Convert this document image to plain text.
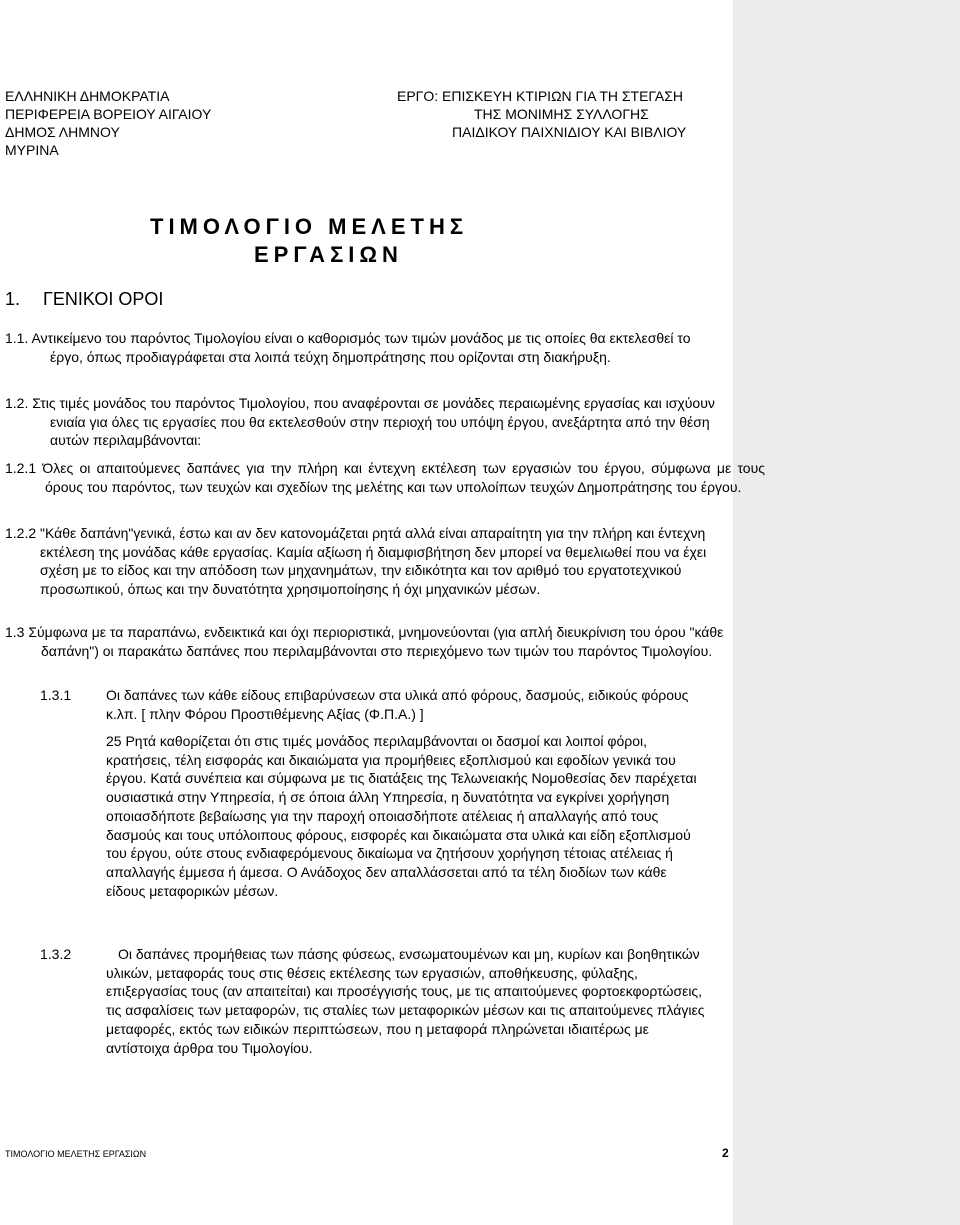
ΕΛΛΗΝΙΚΗ ΔΗΜΟΚΡΑΤΙΑ
ΠΕΡΙΦΕΡΕΙΑ ΒΟΡΕΙΟΥ ΑΙΓΑΙΟΥ
ΔΗΜΟΣ ΛΗΜΝΟΥ
ΜΥΡΙΝΑ
ΕΡΓΟ: ΕΠΙΣΚΕΥΗ ΚΤΙΡΙΩΝ ΓΙΑ ΤΗ ΣΤΕΓΑΣΗ
ΤΗΣ ΜΟΝΙΜΗΣ ΣΥΛΛΟΓΗΣ
ΠΑΙΔΙΚΟΥ ΠΑΙΧΝΙΔΙΟΥ ΚΑΙ ΒΙΒΛΙΟΥ
ΤΙΜΟΛΟΓΙΟ ΜΕΛΕΤΗΣ
ΕΡΓΑΣΙΩΝ
1. ΓΕΝΙΚΟΙ ΟΡΟΙ

1.1. Αντικείμενο του παρόντος Τιμολογίου είναι ο καθορισμός των τιμών μονάδος με τις οποίες θα εκτελεσθεί το έργο, όπως προδιαγράφεται στα λοιπά τεύχη δημοπράτησης που ορίζονται στη διακήρυξη.

1.2. Στις τιμές μονάδος του παρόντος Τιμολογίου, που αναφέρονται σε μονάδες περαιωμένης εργασίας και ισχύουν ενιαία για όλες τις εργασίες που θα εκτελεσθούν στην περιοχή του υπόψη έργου, ανεξάρτητα από την θέση αυτών περιλαμβάνονται:

1.2.1 Όλες οι απαιτούμενες δαπάνες για την πλήρη και έντεχνη εκτέλεση των εργασιών του έργου, σύμφωνα με τους όρους του παρόντος, των τευχών και σχεδίων της μελέτης και των υπολοίπων τευχών Δημοπράτησης του έργου.

1.2.2 "Κάθε δαπάνη"γενικά, έστω και αν δεν κατονομάζεται ρητά αλλά είναι απαραίτητη για την πλήρη και έντεχνη εκτέλεση της μονάδας κάθε εργασίας. Καμία αξίωση ή διαμφισβήτηση δεν μπορεί να θεμελιωθεί που να έχει σχέση με το είδος και την απόδοση των μηχανημάτων, την ειδικότητα και τον αριθμό του εργατοτεχνικού προσωπικού, όπως και την δυνατότητα χρησιμοποίησης ή όχι μηχανικών μέσων.

1.3 Σύμφωνα με τα παραπάνω, ενδεικτικά και όχι περιοριστικά, μνημονεύονται (για απλή διευκρίνιση του όρου "κάθε δαπάνη") οι παρακάτω δαπάνες που περιλαμβάνονται στο περιεχόμενο των τιμών του παρόντος Τιμολογίου.

1.3.1 Οι δαπάνες των κάθε είδους επιβαρύνσεων στα υλικά από φόρους, δασμούς, ειδικούς φόρους κ.λπ. [ πλην Φόρου Προστιθέμενης Αξίας (Φ.Π.Α.) ]

25 Ρητά καθορίζεται ότι στις τιμές μονάδος περιλαμβάνονται οι δασμοί και λοιποί φόροι, κρατήσεις, τέλη εισφοράς και δικαιώματα για προμήθειες εξοπλισμού και εφοδίων γενικά του έργου. Κατά συνέπεια και σύμφωνα με τις διατάξεις της Τελωνειακής Νομοθεσίας δεν παρέχεται ουσιαστικά στην Υπηρεσία, ή σε όποια άλλη Υπηρεσία, η δυνατότητα να εγκρίνει χορήγηση οποιασδήποτε βεβαίωσης για την παροχή οποιασδήποτε ατέλειας ή απαλλαγής από τους δασμούς και τους υπόλοιπους φόρους, εισφορές και δικαιώματα στα υλικά και είδη εξοπλισμού του έργου, ούτε στους ενδιαφερόμενους δικαίωμα να ζητήσουν χορήγηση τέτοιας ατέλειας ή απαλλαγής έμμεσα ή άμεσα. Ο Ανάδοχος δεν απαλλάσσεται από τα τέλη διοδίων των κάθε είδους μεταφορικών μέσων.

1.3.2	Οι δαπάνες προμήθειας των πάσης φύσεως, ενσωματουμένων και μη, κυρίων και βοηθητικών υλικών, μεταφοράς τους στις θέσεις εκτέλεσης των εργασιών, αποθήκευσης, φύλαξης, επιξεργασίας τους (αν απαιτείται) και προσέγγισής τους, με τις απαιτούμενες φορτοεκφορτώσεις, τις ασφαλίσεις των μεταφορών, τις σταλίες των μεταφορικών μέσων και τις απαιτούμενες πλάγιες μεταφορές, εκτός των ειδικών περιπτώσεων, που η μεταφορά πληρώνεται ιδιαιτέρως με αντίστοιχα άρθρα του Τιμολογίου.

ΤΙΜΟΛΟΓΙΟ ΜΕΛΕΤΗΣ ΕΡΓΑΣΙΩΝ	2
